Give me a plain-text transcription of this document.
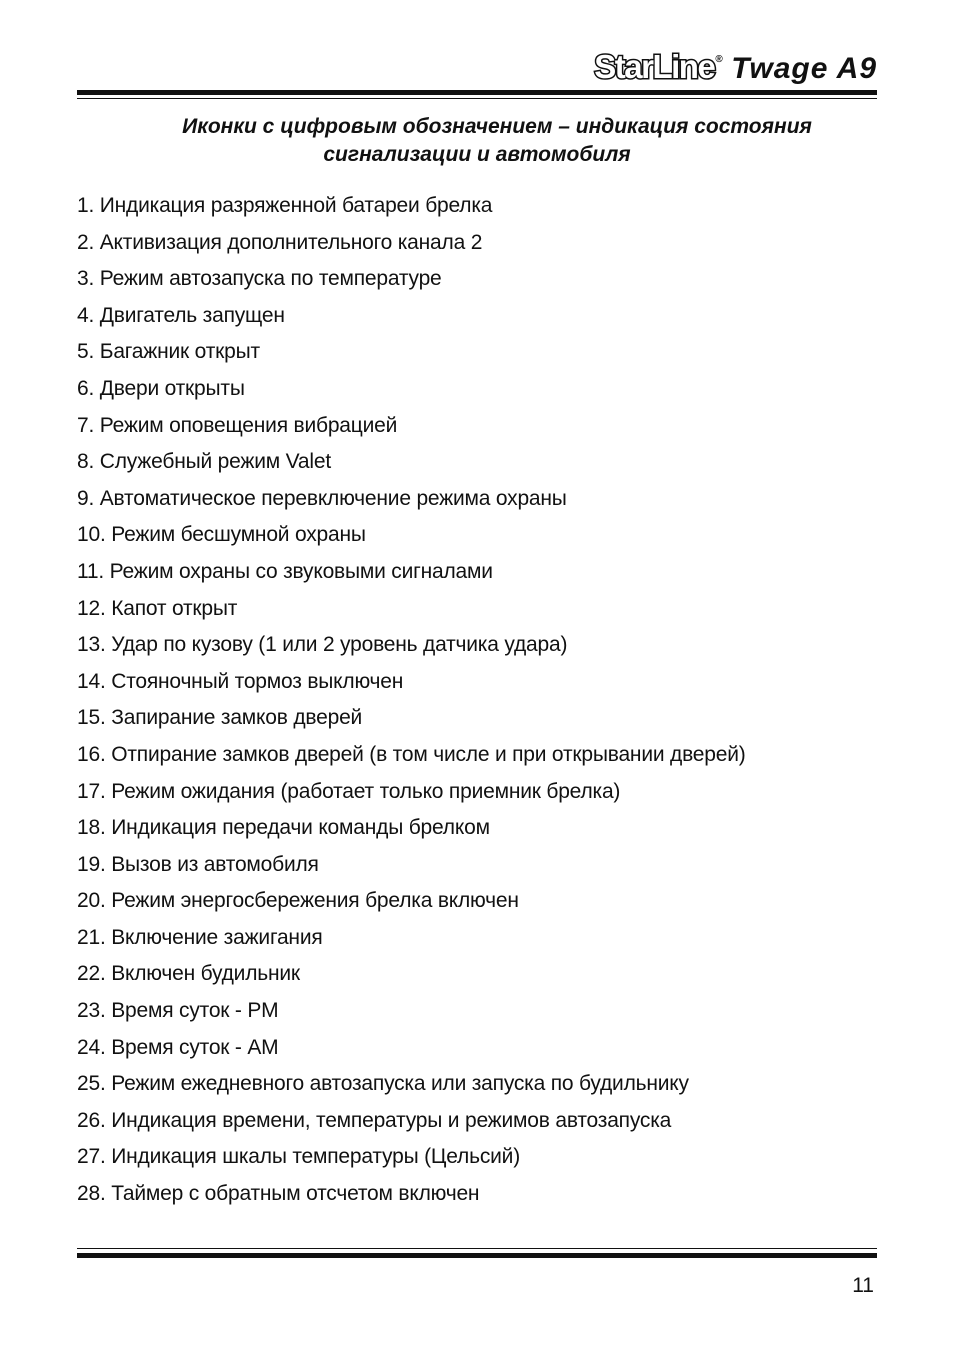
StarLine® Twage A9
Иконки с цифровым обозначением – индикация состояния
сигнализации и автомобиля
1. Индикация разряженной батареи брелка
2. Активизация дополнительного канала 2
3. Режим автозапуска по температуре
4. Двигатель запущен
5. Багажник открыт
6. Двери открыты
7. Режим оповещения вибрацией
8. Служебный режим Valet
9. Автоматическое перевключение режима охраны
10. Режим бесшумной охраны
11. Режим охраны со звуковыми сигналами
12. Капот открыт
13. Удар по кузову (1 или 2 уровень датчика удара)
14. Стояночный тормоз выключен
15. Запирание замков дверей
16. Отпирание замков дверей (в том числе и при открывании дверей)
17. Режим ожидания (работает только приемник брелка)
18. Индикация передачи команды брелком
19. Вызов из автомобиля
20. Режим энергосбережения брелка включен
21. Включение зажигания
22. Включен будильник
23. Время суток - PM
24. Время суток - AM
25. Режим ежедневного автозапуска или запуска по будильнику
26. Индикация времени, температуры и режимов автозапуска
27. Индикация шкалы температуры (Цельсий)
28. Таймер с обратным отсчетом включен
11
